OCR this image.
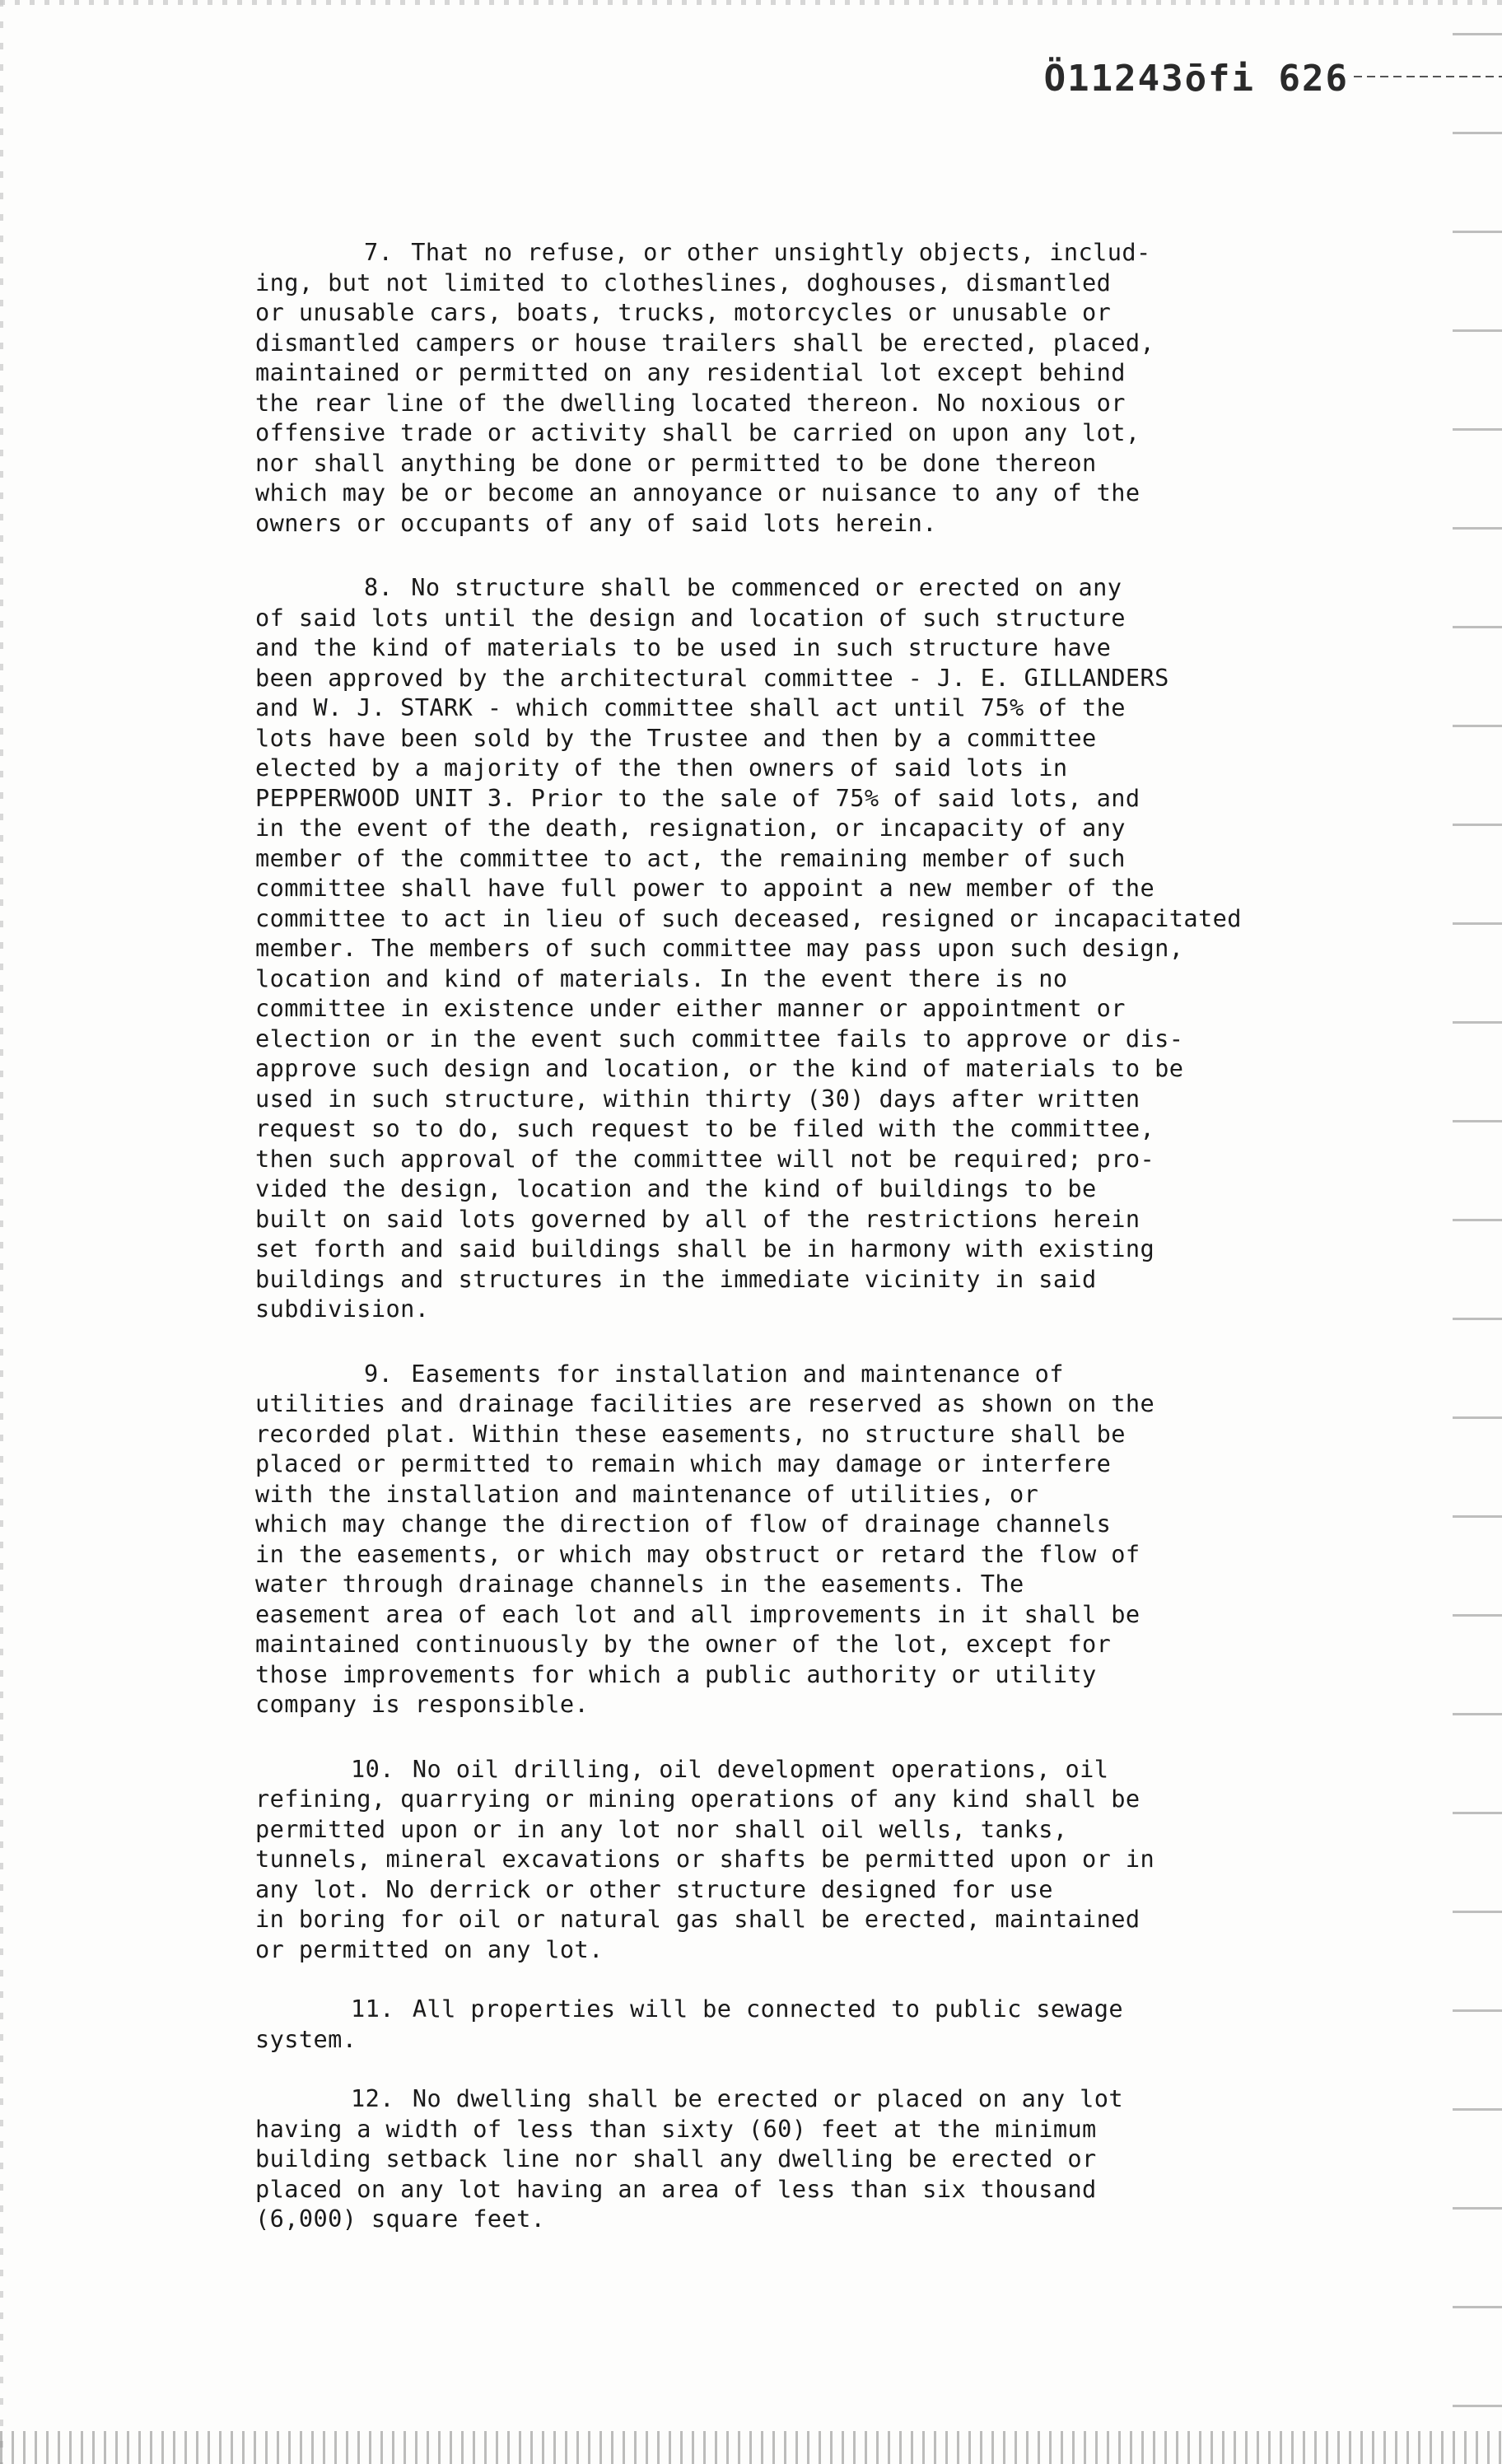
Ö11243ōfi 626

7. That no refuse, or other unsightly objects, includ-
ing, but not limited to clotheslines, doghouses, dismantled
or unusable cars, boats, trucks, motorcycles or unusable or
dismantled campers or house trailers shall be erected, placed,
maintained or permitted on any residential lot except behind
the rear line of the dwelling located thereon. No noxious or
offensive trade or activity shall be carried on upon any lot,
nor shall anything be done or permitted to be done thereon
which may be or become an annoyance or nuisance to any of the
owners or occupants of any of said lots herein.

8. No structure shall be commenced or erected on any
of said lots until the design and location of such structure
and the kind of materials to be used in such structure have
been approved by the architectural committee - J. E. GILLANDERS
and W. J. STARK - which committee shall act until 75% of the
lots have been sold by the Trustee and then by a committee
elected by a majority of the then owners of said lots in
PEPPERWOOD UNIT 3. Prior to the sale of 75% of said lots, and
in the event of the death, resignation, or incapacity of any
member of the committee to act, the remaining member of such
committee shall have full power to appoint a new member of the
committee to act in lieu of such deceased, resigned or incapacitated
member. The members of such committee may pass upon such design,
location and kind of materials. In the event there is no
committee in existence under either manner or appointment or
election or in the event such committee fails to approve or dis-
approve such design and location, or the kind of materials to be
used in such structure, within thirty (30) days after written
request so to do, such request to be filed with the committee,
then such approval of the committee will not be required; pro-
vided the design, location and the kind of buildings to be
built on said lots governed by all of the restrictions herein
set forth and said buildings shall be in harmony with existing
buildings and structures in the immediate vicinity in said
subdivision.

9. Easements for installation and maintenance of
utilities and drainage facilities are reserved as shown on the
recorded plat. Within these easements, no structure shall be
placed or permitted to remain which may damage or interfere
with the installation and maintenance of utilities, or
which may change the direction of flow of drainage channels
in the easements, or which may obstruct or retard the flow of
water through drainage channels in the easements. The
easement area of each lot and all improvements in it shall be
maintained continuously by the owner of the lot, except for
those improvements for which a public authority or utility
company is responsible.

10. No oil drilling, oil development operations, oil
refining, quarrying or mining operations of any kind shall be
permitted upon or in any lot nor shall oil wells, tanks,
tunnels, mineral excavations or shafts be permitted upon or in
any lot. No derrick or other structure designed for use
in boring for oil or natural gas shall be erected, maintained
or permitted on any lot.

11. All properties will be connected to public sewage
system.

12. No dwelling shall be erected or placed on any lot
having a width of less than sixty (60) feet at the minimum
building setback line nor shall any dwelling be erected or
placed on any lot having an area of less than six thousand
(6,000) square feet.
